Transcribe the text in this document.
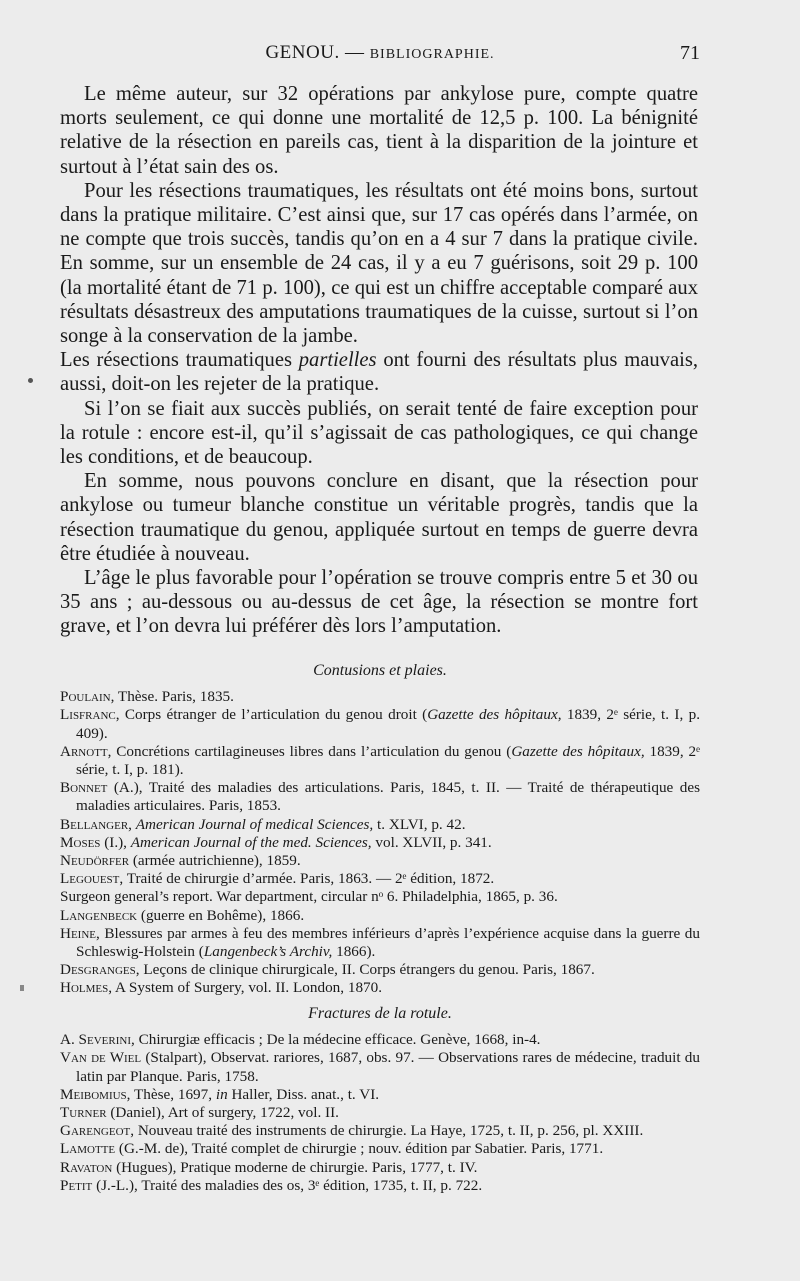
GENOU. — BIBLIOGRAPHIE.	71

Le même auteur, sur 32 opérations par ankylose pure, compte quatre morts seulement, ce qui donne une mortalité de 12,5 p. 100. La bénignité relative de la résection en pareils cas, tient à la disparition de la jointure et surtout à l’état sain des os.

Pour les résections traumatiques, les résultats ont été moins bons, surtout dans la pratique militaire. C’est ainsi que, sur 17 cas opérés dans l’armée, on ne compte que trois succès, tandis qu’on en a 4 sur 7 dans la pratique civile. En somme, sur un ensemble de 24 cas, il y a eu 7 guérisons, soit 29 p. 100 (la mortalité étant de 71 p. 100), ce qui est un chiffre acceptable comparé aux résultats désastreux des amputations traumatiques de la cuisse, surtout si l’on songe à la conservation de la jambe.

Les résections traumatiques partielles ont fourni des résultats plus mauvais, aussi, doit-on les rejeter de la pratique.

Si l’on se fiait aux succès publiés, on serait tenté de faire exception pour la rotule : encore est-il, qu’il s’agissait de cas pathologiques, ce qui change les conditions, et de beaucoup.

En somme, nous pouvons conclure en disant, que la résection pour ankylose ou tumeur blanche constitue un véritable progrès, tandis que la résection traumatique du genou, appliquée surtout en temps de guerre devra être étudiée à nouveau.

L’âge le plus favorable pour l’opération se trouve compris entre 5 et 30 ou 35 ans ; au-dessous ou au-dessus de cet âge, la résection se montre fort grave, et l’on devra lui préférer dès lors l’amputation.

Contusions et plaies.

Poulain, Thèse. Paris, 1835.

Lisfranc, Corps étranger de l’articulation du genou droit (Gazette des hôpitaux, 1839, 2ᵉ série, t. I, p. 409).

Arnott, Concrétions cartilagineuses libres dans l’articulation du genou (Gazette des hôpitaux, 1839, 2ᵉ série, t. I, p. 181).

Bonnet (A.), Traité des maladies des articulations. Paris, 1845, t. II. — Traité de thérapeutique des maladies articulaires. Paris, 1853.

Bellanger, American Journal of medical Sciences, t. XLVI, p. 42.

Moses (I.), American Journal of the med. Sciences, vol. XLVII, p. 341.

Neudörfer (armée autrichienne), 1859.

Legouest, Traité de chirurgie d’armée. Paris, 1863. — 2ᵉ édition, 1872.

Surgeon general’s report. War department, circular nᵒ 6. Philadelphia, 1865, p. 36.

Langenbeck (guerre en Bohême), 1866.

Heine, Blessures par armes à feu des membres inférieurs d’après l’expérience acquise dans la guerre du Schleswig-Holstein (Langenbeck’s Archiv, 1866).

Desgranges, Leçons de clinique chirurgicale, II. Corps étrangers du genou. Paris, 1867.

Holmes, A System of Surgery, vol. II. London, 1870.

Fractures de la rotule.

A. Severini, Chirurgiæ efficacis ; De la médecine efficace. Genève, 1668, in-4.

Van de Wiel (Stalpart), Observat. rariores, 1687, obs. 97. — Observations rares de médecine, traduit du latin par Planque. Paris, 1758.

Meibomius, Thèse, 1697, in Haller, Diss. anat., t. VI.

Turner (Daniel), Art of surgery, 1722, vol. II.

Garengeot, Nouveau traité des instruments de chirurgie. La Haye, 1725, t. II, p. 256, pl. XXIII.

Lamotte (G.-M. de), Traité complet de chirurgie ; nouv. édition par Sabatier. Paris, 1771.

Ravaton (Hugues), Pratique moderne de chirurgie. Paris, 1777, t. IV.

Petit (J.-L.), Traité des maladies des os, 3ᵉ édition, 1735, t. II, p. 722.
